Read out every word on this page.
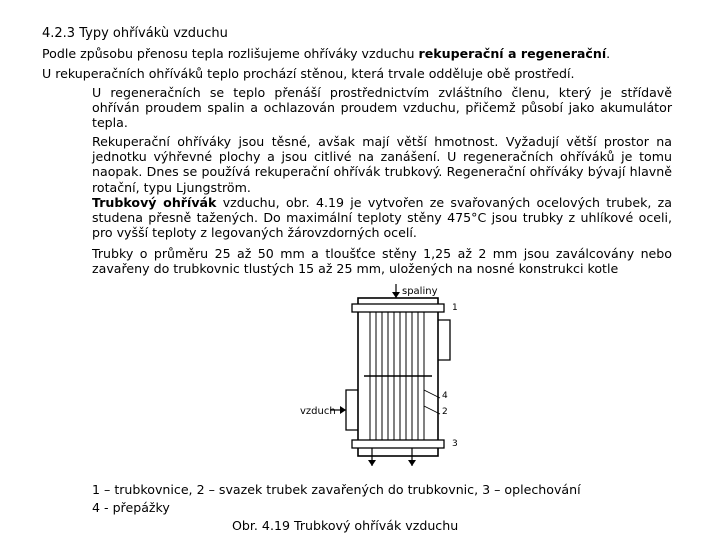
4.2.3 Typy ohřívákù vzduchu
Podle způsobu přenosu tepla rozlišujeme ohříváky vzduchu rekuperační a regenerační.
U rekuperačních ohříváků teplo prochází stěnou, která trvale odděluje obě prostředí.
U regeneračních se teplo přenáší prostřednictvím zvláštního členu, který je střídavě ohříván proudem spalin a ochlazován proudem vzduchu, přičemž působí jako akumulátor tepla.
Rekuperační ohříváky jsou těsné, avšak mají větší hmotnost. Vyžadují větší prostor na jednotku výhřevné plochy a jsou citlivé na zanášení. U regeneračních ohříváků je tomu naopak. Dnes se používá rekuperační ohřívák trubkový. Regenerační ohříváky bývají hlavně rotační, typu Ljungström.
Trubkový ohřívák vzduchu, obr. 4.19 je vytvořen ze svařovaných ocelových trubek, za studena přesně tažených. Do maximální teploty stěny 475°C jsou trubky z uhlíkové oceli, pro vyšší teploty z legovaných žárovzdorných ocelí.
Trubky o průměru 25 až 50 mm a tloušťce stěny 1,25 až 2 mm jsou zaválcovány nebo zavařeny do trubkovnic tlustých 15 až 25 mm, uložených na nosné konstrukci kotle
spaliny
vzduch
1
2
3
4
1 – trubkovnice, 2 – svazek trubek zavařených do trubkovnic, 3 – oplechování
4 - přepážky
Obr. 4.19 Trubkový ohřívák vzduchu
